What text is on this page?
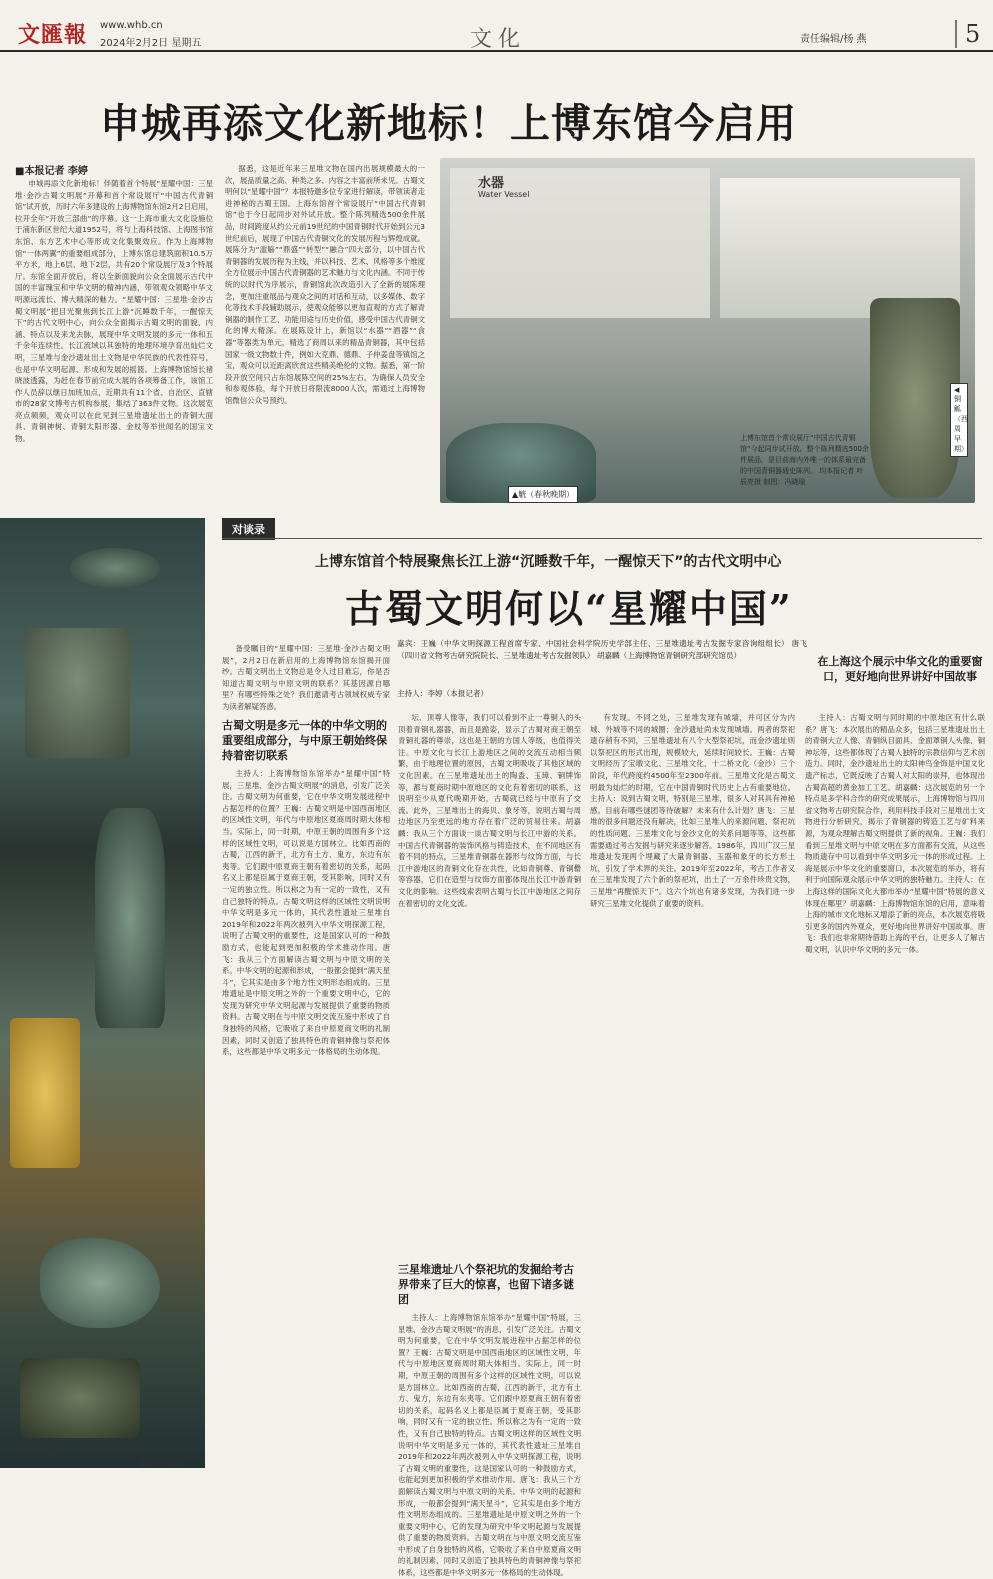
文匯報 www.whb.cn
2024年2月2日 星期五	文化	责任编辑/杨 燕	5
申城再添文化新地标！上博东馆今启用
■本报记者 李婷
申城再添文化新地标！伴随着首个特展“星耀中国：三星堆·金沙古蜀文明展”开幕和首个常设展厅“中国古代青铜馆”试开放，历时六年多建设的上海博物馆东馆2月2日启用，拉开全年“开放三部曲”的序幕。这一上海市重大文化设施位于浦东新区世纪大道1952号，将与上海科技馆、上海图书馆东馆、东方艺术中心等形成文化集聚效应。作为上海博物馆“一体两翼”的重要组成部分，上博东馆总建筑面积10.5万平方米，地上6层、地下2层，共有20个常设展厅及3个特展厅。东馆全面开放后，将以全新面貌向公众全面展示古代中国的丰富瑰宝和中华文明的精神内涵，带领观众领略中华文明源远流长、博大精深的魅力。“星耀中国：三星堆·金沙古蜀文明展”把目光聚焦到长江上游“沉睡数千年，一醒惊天下”的古代文明中心，向公众全面揭示古蜀文明的面貌、内涵、特点以及来龙去脉，展现中华文明发展的多元一体和五千余年连续性。长江流域以其独特的地理环境孕育出灿烂文明，三星堆与金沙遗址出土文物是中华民族的代表性符号，也是中华文明起源、形成和发展的摇篮。上海博物馆馆长褚晓波透露，为赶在春节前完成大展的各项筹备工作，该馆工作人员辞以继日加班加点，近期共有11个省、自治区、直辖市的28家文博考古机构参展，集结了363件文物。这次展览亮点频频，观众可以在此见到三星堆遗址出土的青铜大面具、青铜神树、青铜太阳形器、金杖等举世闻名的国宝文物。
据悉，这是近年来三星堆文物在国内出展规模最大的一次，展品质量之高、种类之多、内容之丰富前所未见。古蜀文明何以“星耀中国”？本报特邀多位专家进行解读，带领读者走进神秘的古蜀王国。上海东馆首个常设展厅“中国古代青铜馆”也于今日起同步对外试开放。整个陈列精选500余件展品，时间跨度从约公元前19世纪的中国青铜时代开始到公元3世纪前后，展现了中国古代青铜文化的发展历程与辉煌成就。展陈分为“滥觞”“鼎盛”“转型”“融合”四大部分，以中国古代青铜器的发展历程为主线，并以科技、艺术、风格等多个维度全方位展示中国古代青铜器的艺术魅力与文化内涵。不同于传统的以时代为序展示，青铜馆此次改造引入了全新的展陈理念，更加注重展品与观众之间的对话和互动，以多媒体、数字化等技术手段辅助展示，使观众能够以更加直观的方式了解青铜器的制作工艺、功能用途与历史价值，感受中国古代青铜文化的博大精深。在展陈设计上，新馆以“水器”“酒器”“食器”等器类为单元，精选了商周以来的精品青铜器，其中包括国家一级文物数十件，例如大克鼎、德鼎、子仲姜盘等镇馆之宝，观众可以近距离欣赏这些精美绝伦的文物。据悉，第一阶段开放空间只占东馆展陈空间的25%左右，为确保人员安全和参观体验，每个开放日将限流8000人次，需通过上海博物馆微信公众号预约。
水器
Water Vessel
上博东馆首个常设展厅“中国古代青铜馆”今起同步试开放。整个陈列精选500余件展品，是目前海内外唯一的体系最完备的中国青铜器通史陈列。 均本报记者 叶辰亮摄 制图：冯晓瑜
▲觥（春秋晚期）
◀铜觚（西周早期）
“星耀中国”展品。 均本报记者 叶辰亮摄
制图：冯晓瑜
对谈录
上博东馆首个特展聚焦长江上游“沉睡数千年，一醒惊天下”的古代文明中心
古蜀文明何以“星耀中国”
备受瞩目的“星耀中国：三星堆·金沙古蜀文明展”，2月2日在新启用的上海博物馆东馆揭开面纱。古蜀文明出土文物总是令人过目难忘，你是否知道古蜀文明与中原文明的联系？其基因源自哪里？有哪些特殊之处？我们邀请考古领域权威专家为读者解疑答惑。
嘉宾：王巍（中华文明探源工程首席专家、中国社会科学院历史学部主任、三星堆遗址考古发掘专家咨询组组长） 唐飞（四川省文物考古研究院院长、三星堆遗址考古发掘领队） 胡嘉麟（上海博物馆青铜研究部研究馆员）
主持人：李婷（本报记者）
在上海这个展示中华文化的重要窗口，更好地向世界讲好中国故事
古蜀文明是多元一体的中华文明的重要组成部分，与中原王朝始终保持着密切联系
主持人：上海博物馆东馆举办“星耀中国”特展，三星堆、金沙古蜀文明展“的消息，引发广泛关注。古蜀文明为何重要，它在中华文明发展进程中占据怎样的位置？王巍：古蜀文明是中国西南地区的区域性文明，年代与中原地区夏商周时期大体相当。实际上，同一时期，中原王朝的周围有多个这样的区域性文明，可以说是方国林立。比如西南的古蜀，江西的新干，北方有土方、鬼方，东边有东夷等。它们跟中原夏商王朝有着密切的关系，起码名义上都是臣属于夏商王朝，受其影响，同时又有一定的独立性。所以称之为有一定的一致性，又有自己独特的特点。古蜀文明这样的区域性文明说明中华文明是多元一体的，其代表性遗址三星堆自2019年和2022年两次被列入中华文明探源工程，说明了古蜀文明的重要性，这是国家认可的一种鼓励方式，也能起到更加积极的学术推动作用。唐飞：我从三个方面解读古蜀文明与中原文明的关系。中华文明的起源和形成，一般都会提到“满天星斗”，它其实是由多个地方性文明形态组成的。三星堆遗址是中原文明之外的一个重要文明中心，它的发现为研究中华文明起源与发展提供了重要的物质资料。古蜀文明在与中原文明交流互鉴中形成了自身独特的风格，它吸收了来自中原夏商文明的礼制因素，同时又创造了独具特色的青铜神像与祭祀体系，这些都是中华文明多元一体格局的生动体现。
坛、顶尊人像等，我们可以看到不止一尊铜人的头顶着青铜礼器器，而且是跪姿，显示了古蜀对商王朝至青铜礼器的尊崇，这也是王朝的方国人等级，也值得关注。中原文化与长江上游地区之间的交流互动相当频繁，由于地理位置的原因，古蜀文明吸收了其他区域的文化因素。在三星堆遗址出土的陶盉、玉璋、铜牌饰等，都与夏商时期中原地区的文化有着密切的联系，这说明至少从夏代晚期开始，古蜀就已经与中原有了交流。此外，三星堆出土的海贝、象牙等，说明古蜀与周边地区乃至更远的地方存在着广泛的贸易往来。胡嘉麟：我从三个方面谈一谈古蜀文明与长江中游的关系。中国古代青铜器的装饰风格与铸造技术，在不同地区有着不同的特点，三星堆青铜器在器形与纹饰方面，与长江中游地区的青铜文化存在共性，比如青铜尊、青铜罍等容器，它们在造型与纹饰方面都体现出长江中游青铜文化的影响。这些线索表明古蜀与长江中游地区之间存在着密切的文化交流。
三星堆遗址八个祭祀坑的发掘给考古界带来了巨大的惊喜，也留下诸多谜团
主持人：上海博物馆东馆举办“星耀中国”特展，三星堆、金沙古蜀文明展“的消息，引发广泛关注。古蜀文明为何重要，它在中华文明发展进程中占据怎样的位置？王巍：古蜀文明是中国西南地区的区域性文明，年代与中原地区夏商周时期大体相当。实际上，同一时期，中原王朝的周围有多个这样的区域性文明，可以说是方国林立。比如西南的古蜀，江西的新干，北方有土方、鬼方，东边有东夷等。它们跟中原夏商王朝有着密切的关系，起码名义上都是臣属于夏商王朝，受其影响，同时又有一定的独立性。所以称之为有一定的一致性，又有自己独特的特点。古蜀文明这样的区域性文明说明中华文明是多元一体的，其代表性遗址三星堆自2019年和2022年两次被列入中华文明探源工程，说明了古蜀文明的重要性，这是国家认可的一种鼓励方式，也能起到更加积极的学术推动作用。唐飞：我从三个方面解读古蜀文明与中原文明的关系。中华文明的起源和形成，一般都会提到“满天星斗”，它其实是由多个地方性文明形态组成的。三星堆遗址是中原文明之外的一个重要文明中心，它的发现为研究中华文明起源与发展提供了重要的物质资料。古蜀文明在与中原文明交流互鉴中形成了自身独特的风格，它吸收了来自中原夏商文明的礼制因素，同时又创造了独具特色的青铜神像与祭祀体系，这些都是中华文明多元一体格局的生动体现。
有发现。不同之处，三星堆发现有城墙，并可区分为内城、外城等不同的城圈；金沙遗址尚未发现城墙。两者的祭祀遗存稍有不同，三星堆遗址有八个大型祭祀坑，而金沙遗址则以祭祀区的形式出现，规模较大，延续时间较长。王巍：古蜀文明经历了宝墩文化、三星堆文化、十二桥文化（金沙）三个阶段，年代跨度约4500年至2300年前。三星堆文化是古蜀文明最为灿烂的时期，它在中国青铜时代历史上占有重要地位。主持人：说到古蜀文明，特别是三星堆，很多人对其具有神秘感。目前有哪些谜团等待破解？未来有什么计划？唐飞：三星堆的很多问题还没有解决，比如三星堆人的来源问题、祭祀坑的性质问题、三星堆文化与金沙文化的关系问题等等，这些都需要通过考古发掘与研究来逐步解答。1986年，四川广汉三星堆遗址发现两个埋藏了大量青铜器、玉器和象牙的长方形土坑，引发了学术界的关注。2019年至2022年，考古工作者又在三星堆发现了六个新的祭祀坑，出土了一万余件珍贵文物，三星堆“再醒惊天下”。这六个坑也有诸多发现，为我们进一步研究三星堆文化提供了重要的资料。
主持人：古蜀文明与同时期的中原地区有什么联系？唐飞：本次展出的精品众多，包括三星堆遗址出土的青铜大立人像、青铜纵目面具、金面罩铜人头像、铜神坛等，这些都体现了古蜀人独特的宗教信仰与艺术创造力。同时，金沙遗址出土的太阳神鸟金饰是中国文化遗产标志，它既反映了古蜀人对太阳的崇拜，也体现出古蜀高超的黄金加工工艺。胡嘉麟：这次展览的另一个特点是多学科合作的研究成果展示，上海博物馆与四川省文物考古研究院合作，利用科技手段对三星堆出土文物进行分析研究，揭示了青铜器的铸造工艺与矿料来源，为观众理解古蜀文明提供了新的视角。王巍：我们看到三星堆文明与中原文明在多方面都有交流，从这些物质遗存中可以看到中华文明多元一体的形成过程。上海是展示中华文化的重要窗口，本次展览的举办，将有利于向国际观众展示中华文明的独特魅力。主持人：在上海这样的国际文化大都市举办“星耀中国”特展的意义体现在哪里？胡嘉麟：上海博物馆东馆的启用，意味着上海的城市文化地标又增添了新的亮点，本次展览将吸引更多的国内外观众，更好地向世界讲好中国故事。唐飞：我们也非常期待借助上海的平台，让更多人了解古蜀文明，认识中华文明的多元一体。
